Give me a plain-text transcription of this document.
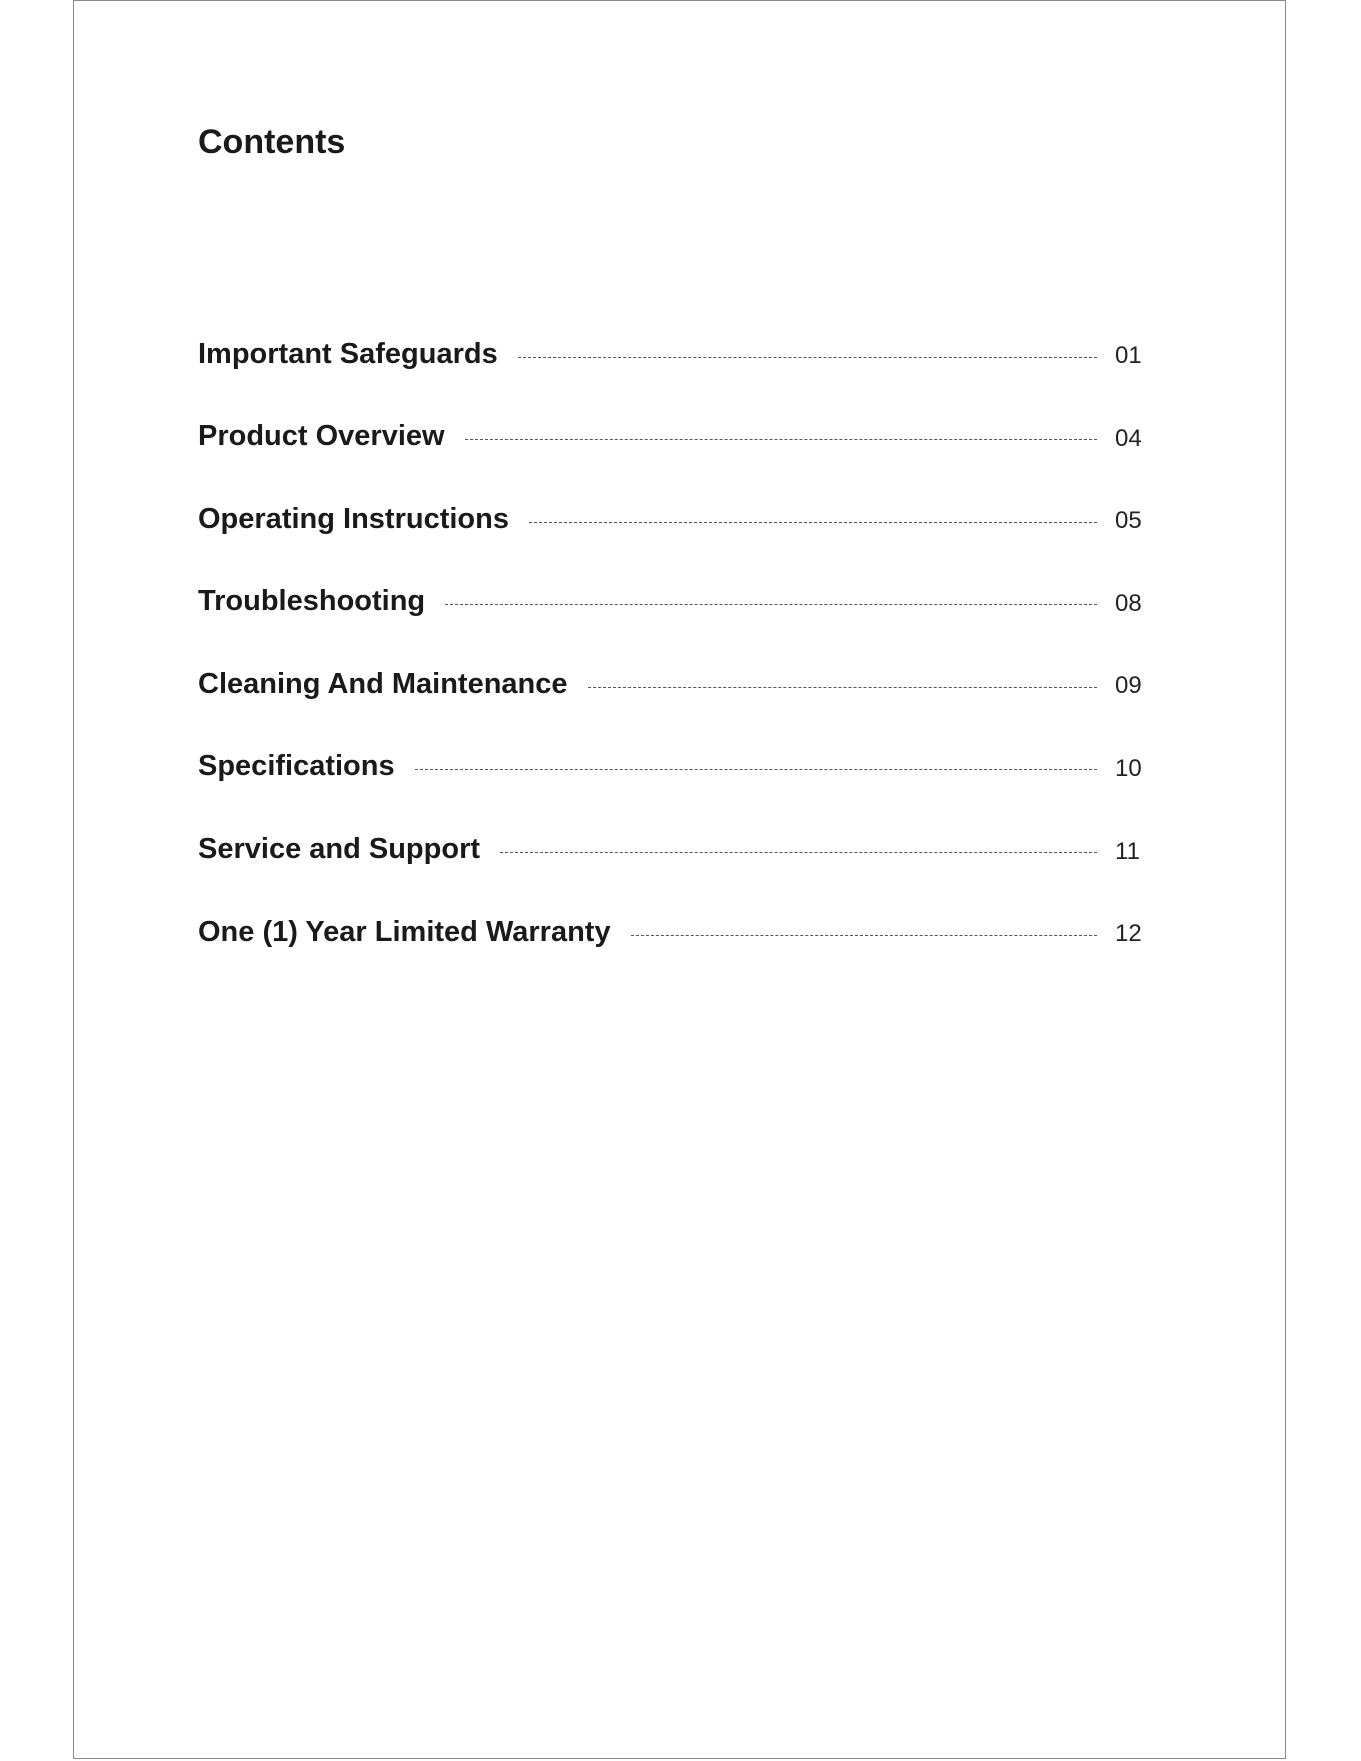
Contents
Important Safeguards	01
Product Overview	04
Operating Instructions	05
Troubleshooting	08
Cleaning And Maintenance	09
Specifications	10
Service and Support	11
One (1) Year Limited Warranty	12
